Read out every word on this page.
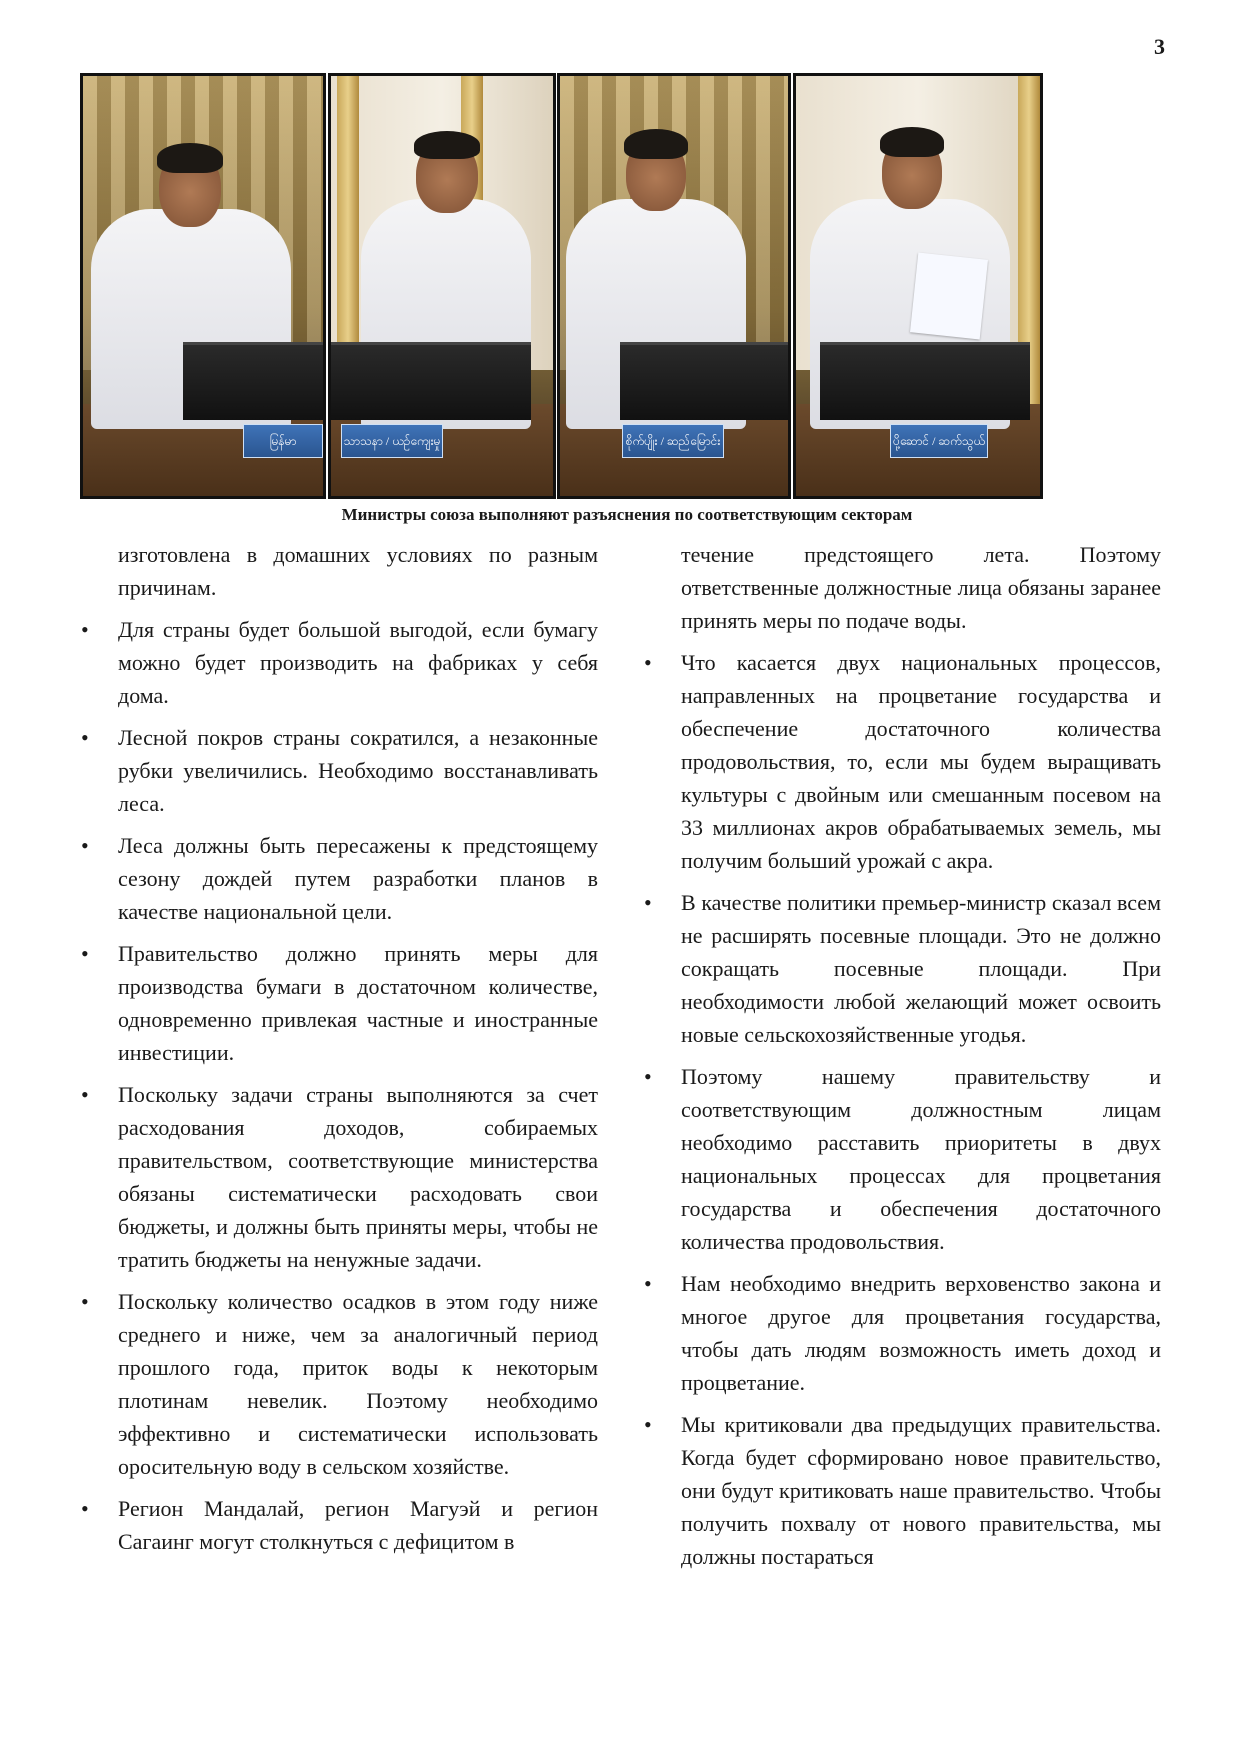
3
မြန်မာ	သာသနာ / ယဉ်ကျေးမှု	စိုက်ပျိုး / ဆည်မြောင်း	ပို့ဆောင် / ဆက်သွယ်
Министры союза выполняют разъяснения по соответствующим секторам

изготовлена в домашних условиях по разным причинам.

• Для страны будет большой выгодой, если бумагу можно будет производить на фабриках у себя дома.
• Лесной покров страны сократился, а незаконные рубки увеличились. Необходимо восстанавливать леса.
• Леса должны быть пересажены к предстоящему сезону дождей путем разработки планов в качестве национальной цели.
• Правительство должно принять меры для производства бумаги в достаточном количестве, одновременно привлекая частные и иностранные инвестиции.
• Поскольку задачи страны выполняются за счет расходования доходов, собираемых правительством, соответствующие министерства обязаны систематически расходовать свои бюджеты, и должны быть приняты меры, чтобы не тратить бюджеты на ненужные задачи.
• Поскольку количество осадков в этом году ниже среднего и ниже, чем за аналогичный период прошлого года, приток воды к некоторым плотинам невелик. Поэтому необходимо эффективно и систематически использовать оросительную воду в сельском хозяйстве.
• Регион Мандалай, регион Магуэй и регион Сагаинг могут столкнуться с дефицитом в

течение предстоящего лета. Поэтому ответственные должностные лица обязаны заранее принять меры по подаче воды.

• Что касается двух национальных процессов, направленных на процветание государства и обеспечение достаточного количества продовольствия, то, если мы будем выращивать культуры с двойным или смешанным посевом на 33 миллионах акров обрабатываемых земель, мы получим больший урожай с акра.
• В качестве политики премьер-министр сказал всем не расширять посевные площади. Это не должно сокращать посевные площади. При необходимости любой желающий может освоить новые сельскохозяйственные угодья.
• Поэтому нашему правительству и соответствующим должностным лицам необходимо расставить приоритеты в двух национальных процессах для процветания государства и обеспечения достаточного количества продовольствия.
• Нам необходимо внедрить верховенство закона и многое другое для процветания государства, чтобы дать людям возможность иметь доход и процветание.
• Мы критиковали два предыдущих правительства. Когда будет сформировано новое правительство, они будут критиковать наше правительство. Чтобы получить похвалу от нового правительства, мы должны постараться
